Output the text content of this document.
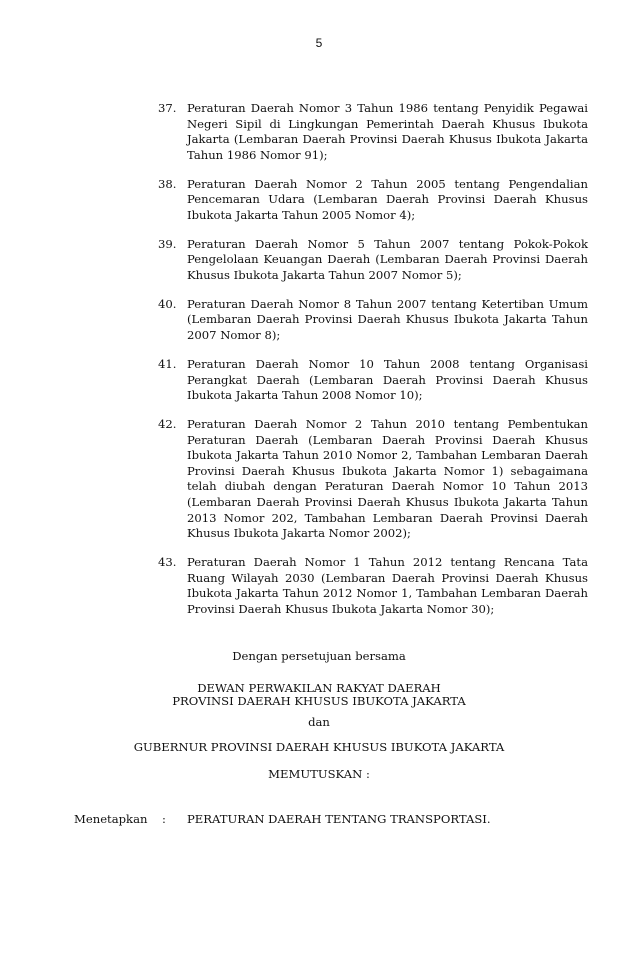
5
37. Peraturan Daerah Nomor 3 Tahun 1986 tentang Penyidik Pegawai Negeri Sipil di Lingkungan Pemerintah Daerah Khusus Ibukota Jakarta (Lembaran Daerah Provinsi Daerah Khusus Ibukota Jakarta Tahun 1986 Nomor 91);
38. Peraturan Daerah Nomor 2 Tahun 2005 tentang Pengendalian Pencemaran Udara (Lembaran Daerah Provinsi Daerah Khusus Ibukota Jakarta Tahun 2005 Nomor 4);
39. Peraturan Daerah Nomor 5 Tahun 2007 tentang Pokok-Pokok Pengelolaan Keuangan Daerah (Lembaran Daerah Provinsi Daerah Khusus Ibukota Jakarta Tahun 2007 Nomor 5);
40. Peraturan Daerah Nomor 8 Tahun 2007 tentang Ketertiban Umum (Lembaran Daerah Provinsi Daerah Khusus Ibukota Jakarta Tahun 2007 Nomor 8);
41. Peraturan Daerah Nomor 10 Tahun 2008 tentang Organisasi Perangkat Daerah (Lembaran Daerah Provinsi Daerah Khusus Ibukota Jakarta Tahun 2008 Nomor 10);
42. Peraturan Daerah Nomor 2 Tahun 2010 tentang Pembentukan Peraturan Daerah (Lembaran Daerah Provinsi Daerah Khusus Ibukota Jakarta Tahun 2010 Nomor 2, Tambahan Lembaran Daerah Provinsi Daerah Khusus Ibukota Jakarta Nomor 1) sebagaimana telah diubah dengan Peraturan Daerah Nomor 10 Tahun 2013 (Lembaran Daerah Provinsi Daerah Khusus Ibukota Jakarta Tahun 2013 Nomor 202, Tambahan Lembaran Daerah Provinsi Daerah Khusus Ibukota Jakarta Nomor 2002);
43. Peraturan Daerah Nomor 1 Tahun 2012 tentang Rencana Tata Ruang Wilayah 2030 (Lembaran Daerah Provinsi Daerah Khusus Ibukota Jakarta Tahun 2012 Nomor 1, Tambahan Lembaran Daerah Provinsi Daerah Khusus Ibukota Jakarta Nomor 30);
Dengan persetujuan bersama
DEWAN PERWAKILAN RAKYAT DAERAH
PROVINSI DAERAH KHUSUS IBUKOTA JAKARTA
dan
GUBERNUR PROVINSI DAERAH KHUSUS IBUKOTA JAKARTA
MEMUTUSKAN :
Menetapkan : PERATURAN DAERAH TENTANG TRANSPORTASI.
